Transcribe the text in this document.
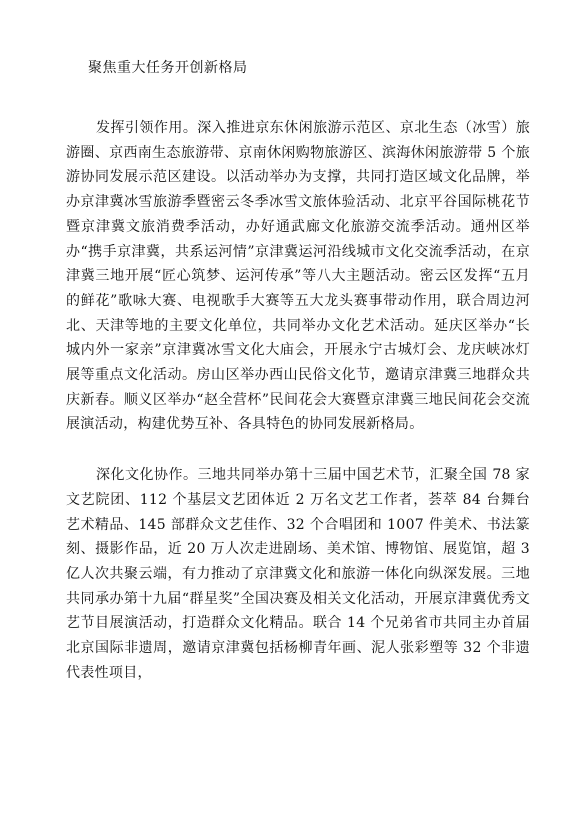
聚焦重大任务开创新格局

发挥引领作用。深入推进京东休闲旅游示范区、京北生态（冰雪）旅游圈、京西南生态旅游带、京南休闲购物旅游区、滨海休闲旅游带 5 个旅游协同发展示范区建设。以活动举办为支撑，共同打造区域文化品牌，举办京津冀冰雪旅游季暨密云冬季冰雪文旅体验活动、北京平谷国际桃花节暨京津冀文旅消费季活动，办好通武廊文化旅游交流季活动。通州区举办“携手京津冀，共系运河情”京津冀运河沿线城市文化交流季活动，在京津冀三地开展“匠心筑梦、运河传承”等八大主题活动。密云区发挥“五月的鲜花”歌咏大赛、电视歌手大赛等五大龙头赛事带动作用，联合周边河北、天津等地的主要文化单位，共同举办文化艺术活动。延庆区举办“长城内外一家亲”京津冀冰雪文化大庙会，开展永宁古城灯会、龙庆峡冰灯展等重点文化活动。房山区举办西山民俗文化节，邀请京津冀三地群众共庆新春。顺义区举办“赵全营杯”民间花会大赛暨京津冀三地民间花会交流展演活动，构建优势互补、各具特色的协同发展新格局。

深化文化协作。三地共同举办第十三届中国艺术节，汇聚全国 78 家文艺院团、112 个基层文艺团体近 2 万名文艺工作者，荟萃 84 台舞台艺术精品、145 部群众文艺佳作、32 个合唱团和 1007 件美术、书法篆刻、摄影作品，近 20 万人次走进剧场、美术馆、博物馆、展览馆，超 3 亿人次共聚云端，有力推动了京津冀文化和旅游一体化向纵深发展。三地共同承办第十九届“群星奖”全国决赛及相关文化活动，开展京津冀优秀文艺节目展演活动，打造群众文化精品。联合 14 个兄弟省市共同主办首届北京国际非遗周，邀请京津冀包括杨柳青年画、泥人张彩塑等 32 个非遗代表性项目，
